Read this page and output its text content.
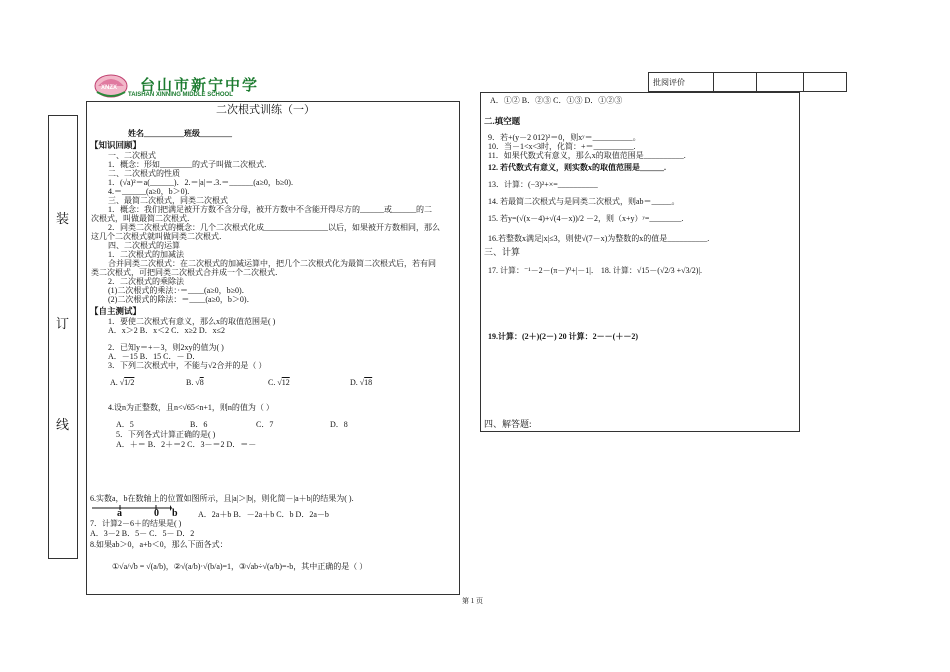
XNZX 台山市新宁中学
TAISHAN XINNING MIDDLE SCHOOL
批阅评价			
装
订
线
二次根式训练（一）
姓名__________班级________
【知识回顾】
一、二次根式
1．概念：形如________的式子叫做二次根式．
二、二次根式的性质
1．(√a)²＝a(______)．2.＝|a|＝.3.＝______(a≥0，b≥0).
4.＝______(a≥0，b＞0).
三、最简二次根式，同类二次根式
1．概念：我们把满足被开方数不含分母，被开方数中不含能开得尽方的______或______的二
次根式，叫做最简二次根式．
2．同类二次根式的概念：几个二次根式化成________________以后，如果被开方数相同，那么
这几个二次根式就叫做同类二次根式．
四、二次根式的运算
1．二次根式的加减法
合并同类二次根式：在二次根式的加减运算中，把几个二次根式化为最简二次根式后，若有同
类二次根式，可把同类二次根式合并成一个二次根式．
2．二次根式的乘除法
(1)二次根式的乘法：·＝____(a≥0，b≥0)．
(2)二次根式的除法：＝____(a≥0，b＞0)．
【自主测试】
1．要使二次根式有意义，那么x的取值范围是( )
A．x＞2 B．x＜2 C．x≥2 D．x≤2
2．已知y＝+－3，则2xy的值为( )
A．－15 B．15 C．－ D．
3．下列二次根式中，不能与√2合并的是（ ）
A. √1/2	B. √8	C. √12	D. √18
4.设n为正整数，且n<√65<n+1，则n的值为（ ）
A．5	B．6	C．7	D．8
5．下列各式计算正确的是( )
A．＋＝ B．2＋＝2 C．3－＝2 D．＝－
6.实数a，b在数轴上的位置如图所示，且|a|＞|b|，则化简－|a＋b|的结果为( ).
a	0 b	A．2a＋b B．－2a＋b C．b D．2a－b
7．计算2－6＋的结果是( )
A．3－2 B．5－ C．5－ D．2
8.如果ab＞0，a+b＜0，那么下面各式：
①√a/√b = √(a/b)，②√(a/b)·√(b/a)=1，③√ab÷√(a/b)=-b，其中正确的是（ ）
A．①② B．②③ C．①③ D．①②③
二.填空题
9．若+(y－2 012)²＝0，则xʸ＝__________。
10．当－1<x<3时，化简：+＝__________.
11．如果代数式有意义，那么x的取值范围是__________.
12. 若代数式有意义，则实数x的取值范围是______.
13．计算：(−3)²+×=__________
14. 若最简二次根式与是同类二次根式，则ab＝_____。
15. 若y=(√(x－4)+√(4－x))/2 －2，则（x+y）ʸ=________.
16.若整数x满足|x|≤3，则使√(7－x)为整数的x的值是__________.
三、计算
17. 计算：⁻¹－2－(π－)⁰+|－1|． 18. 计算：√15－(√2/3 +√3/2)|.
19.计算：(2＋)(2－) 20 计算：2－－(＋－2)
四、解答题:
第 1 页
